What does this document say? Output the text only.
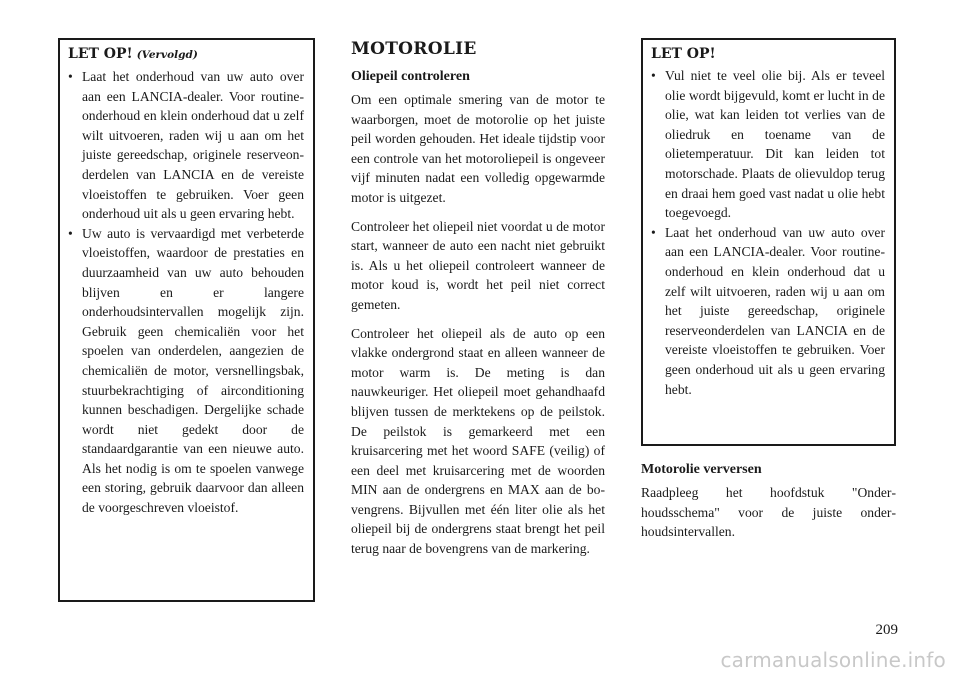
LET OP! (Vervolgd)
• Laat het onderhoud van uw auto over aan een LANCIA-dealer. Voor routine-onderhoud en klein onderhoud dat u zelf wilt uitvoeren, raden wij u aan om het juiste gereedschap, originele reserveonderdelen van LANCIA en de vereiste vloeistoffen te gebruiken. Voer geen onderhoud uit als u geen ervaring hebt.
• Uw auto is vervaardigd met verbeterde vloeistoffen, waardoor de prestaties en duurzaamheid van uw auto behouden blijven en er langere onderhoudsintervallen mogelijk zijn. Gebruik geen chemicaliën voor het spoelen van onderdelen, aangezien de chemicaliën de motor, versnellingsbak, stuurbekrachtiging of airconditioning kunnen beschadigen. Dergelijke schade wordt niet gedekt door de standaardgarantie van een nieuwe auto. Als het nodig is om te spoelen vanwege een storing, gebruik daarvoor dan alleen de voorgeschreven vloeistof.
MOTOROLIE
Oliepeil controleren

Om een optimale smering van de motor te waarborgen, moet de motorolie op het juiste peil worden gehouden. Het ideale tijdstip voor een controle van het motoroliepeil is ongeveer vijf minuten nadat een volledig opgewarmde motor is uitgezet.

Controleer het oliepeil niet voordat u de motor start, wanneer de auto een nacht niet gebruikt is. Als u het oliepeil controleert wanneer de motor koud is, wordt het peil niet correct gemeten.

Controleer het oliepeil als de auto op een vlakke ondergrond staat en alleen wanneer de motor warm is. De meting is dan nauwkeuriger. Het oliepeil moet gehandhaafd blijven tussen de merktekens op de peilstok. De peilstok is gemarkeerd met een kruisarcering met het woord SAFE (veilig) of een deel met kruisarcering met de woorden MIN aan de ondergrens en MAX aan de bovengrens. Bijvullen met één liter olie als het oliepeil bij de ondergrens staat brengt het peil terug naar de bovengrens van de markering.

LET OP!
• Vul niet te veel olie bij. Als er teveel olie wordt bijgevuld, komt er lucht in de olie, wat kan leiden tot verlies van de oliedruk en toename van de olietemperatuur. Dit kan leiden tot motorschade. Plaats de olievuldop terug en draai hem goed vast nadat u olie hebt toegevoegd.
• Laat het onderhoud van uw auto over aan een LANCIA-dealer. Voor routine-onderhoud en klein onderhoud dat u zelf wilt uitvoeren, raden wij u aan om het juiste gereedschap, originele reserveonderdelen van LANCIA en de vereiste vloeistoffen te gebruiken. Voer geen onderhoud uit als u geen ervaring hebt.
Motorolie verversen

Raadpleeg het hoofdstuk "Onderhoudsschema" voor de juiste onderhoudsintervallen.

209
carmanualsonline.info
